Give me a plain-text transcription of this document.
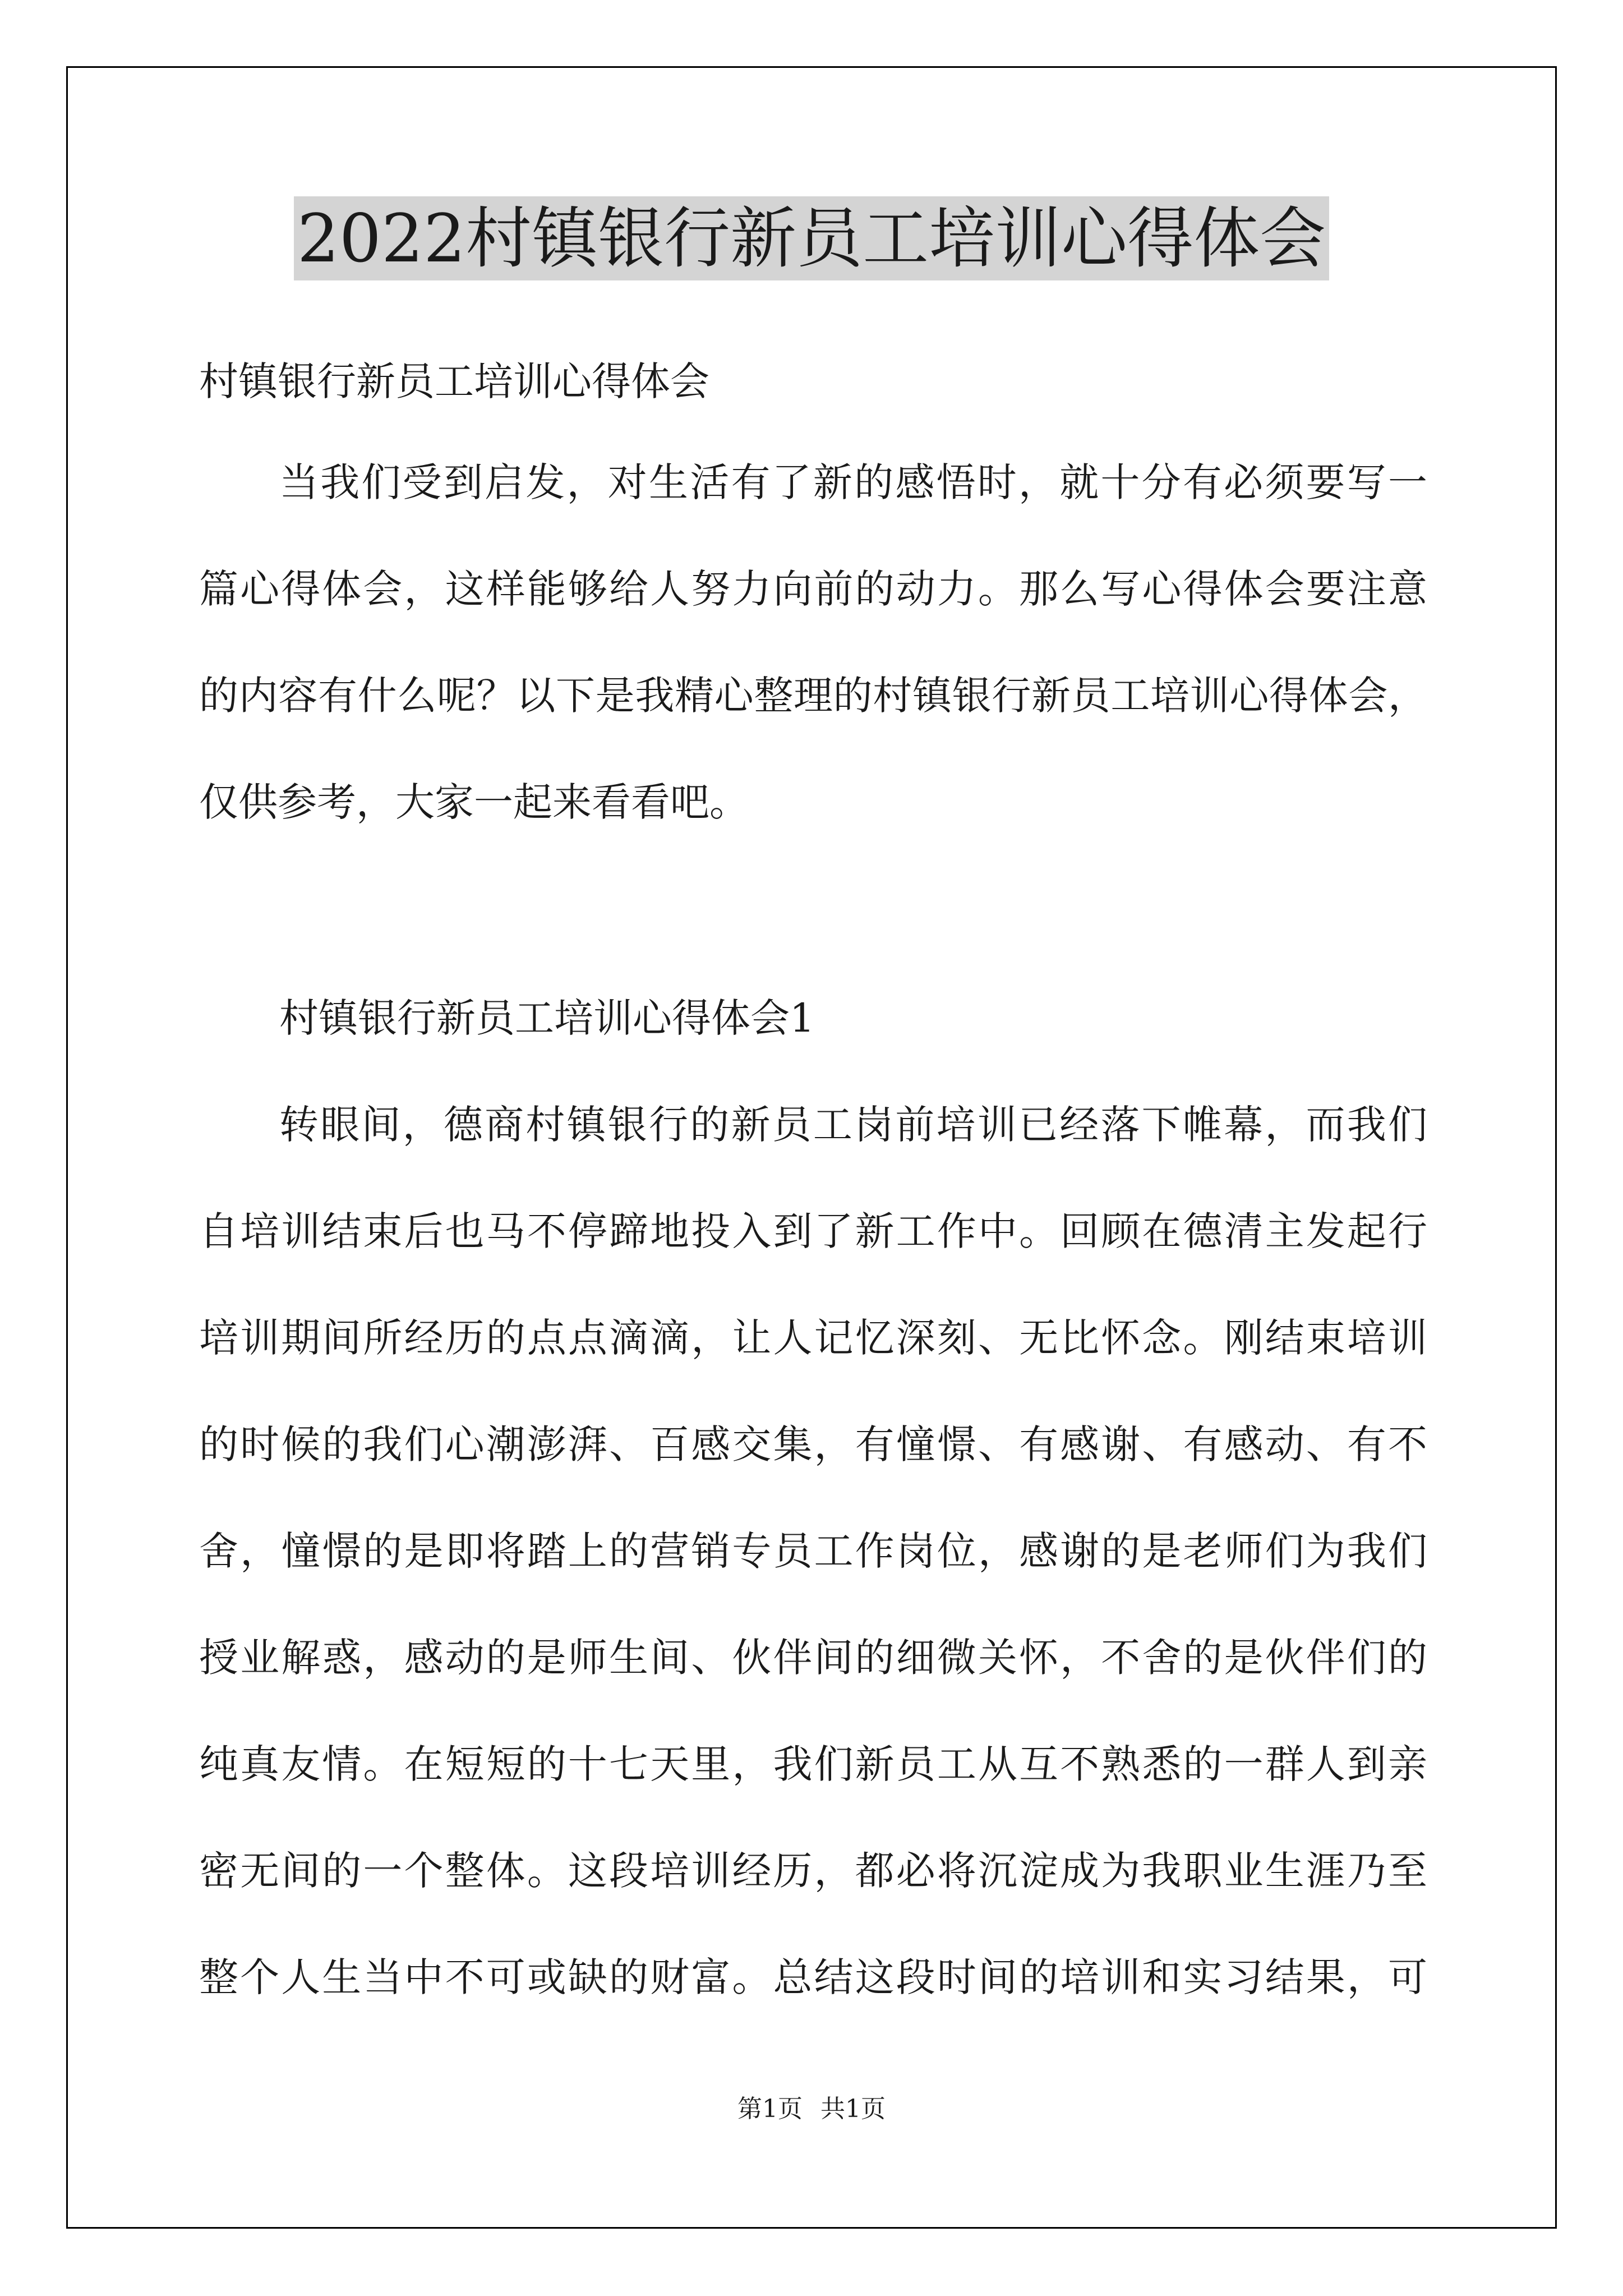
2022村镇银行新员工培训心得体会
村镇银行新员工培训心得体会
当我们受到启发，对生活有了新的感悟时，就十分有必须要写一
篇心得体会，这样能够给人努力向前的动力。那么写心得体会要注意
的内容有什么呢？以下是我精心整理的村镇银行新员工培训心得体会，
仅供参考，大家一起来看看吧。
村镇银行新员工培训心得体会1
转眼间，德商村镇银行的新员工岗前培训已经落下帷幕，而我们
自培训结束后也马不停蹄地投入到了新工作中。回顾在德清主发起行
培训期间所经历的点点滴滴，让人记忆深刻、无比怀念。刚结束培训
的时候的我们心潮澎湃、百感交集，有憧憬、有感谢、有感动、有不
舍，憧憬的是即将踏上的营销专员工作岗位，感谢的是老师们为我们
授业解惑，感动的是师生间、伙伴间的细微关怀，不舍的是伙伴们的
纯真友情。在短短的十七天里，我们新员工从互不熟悉的一群人到亲
密无间的一个整体。这段培训经历，都必将沉淀成为我职业生涯乃至
整个人生当中不可或缺的财富。总结这段时间的培训和实习结果，可
第1页 共1页
